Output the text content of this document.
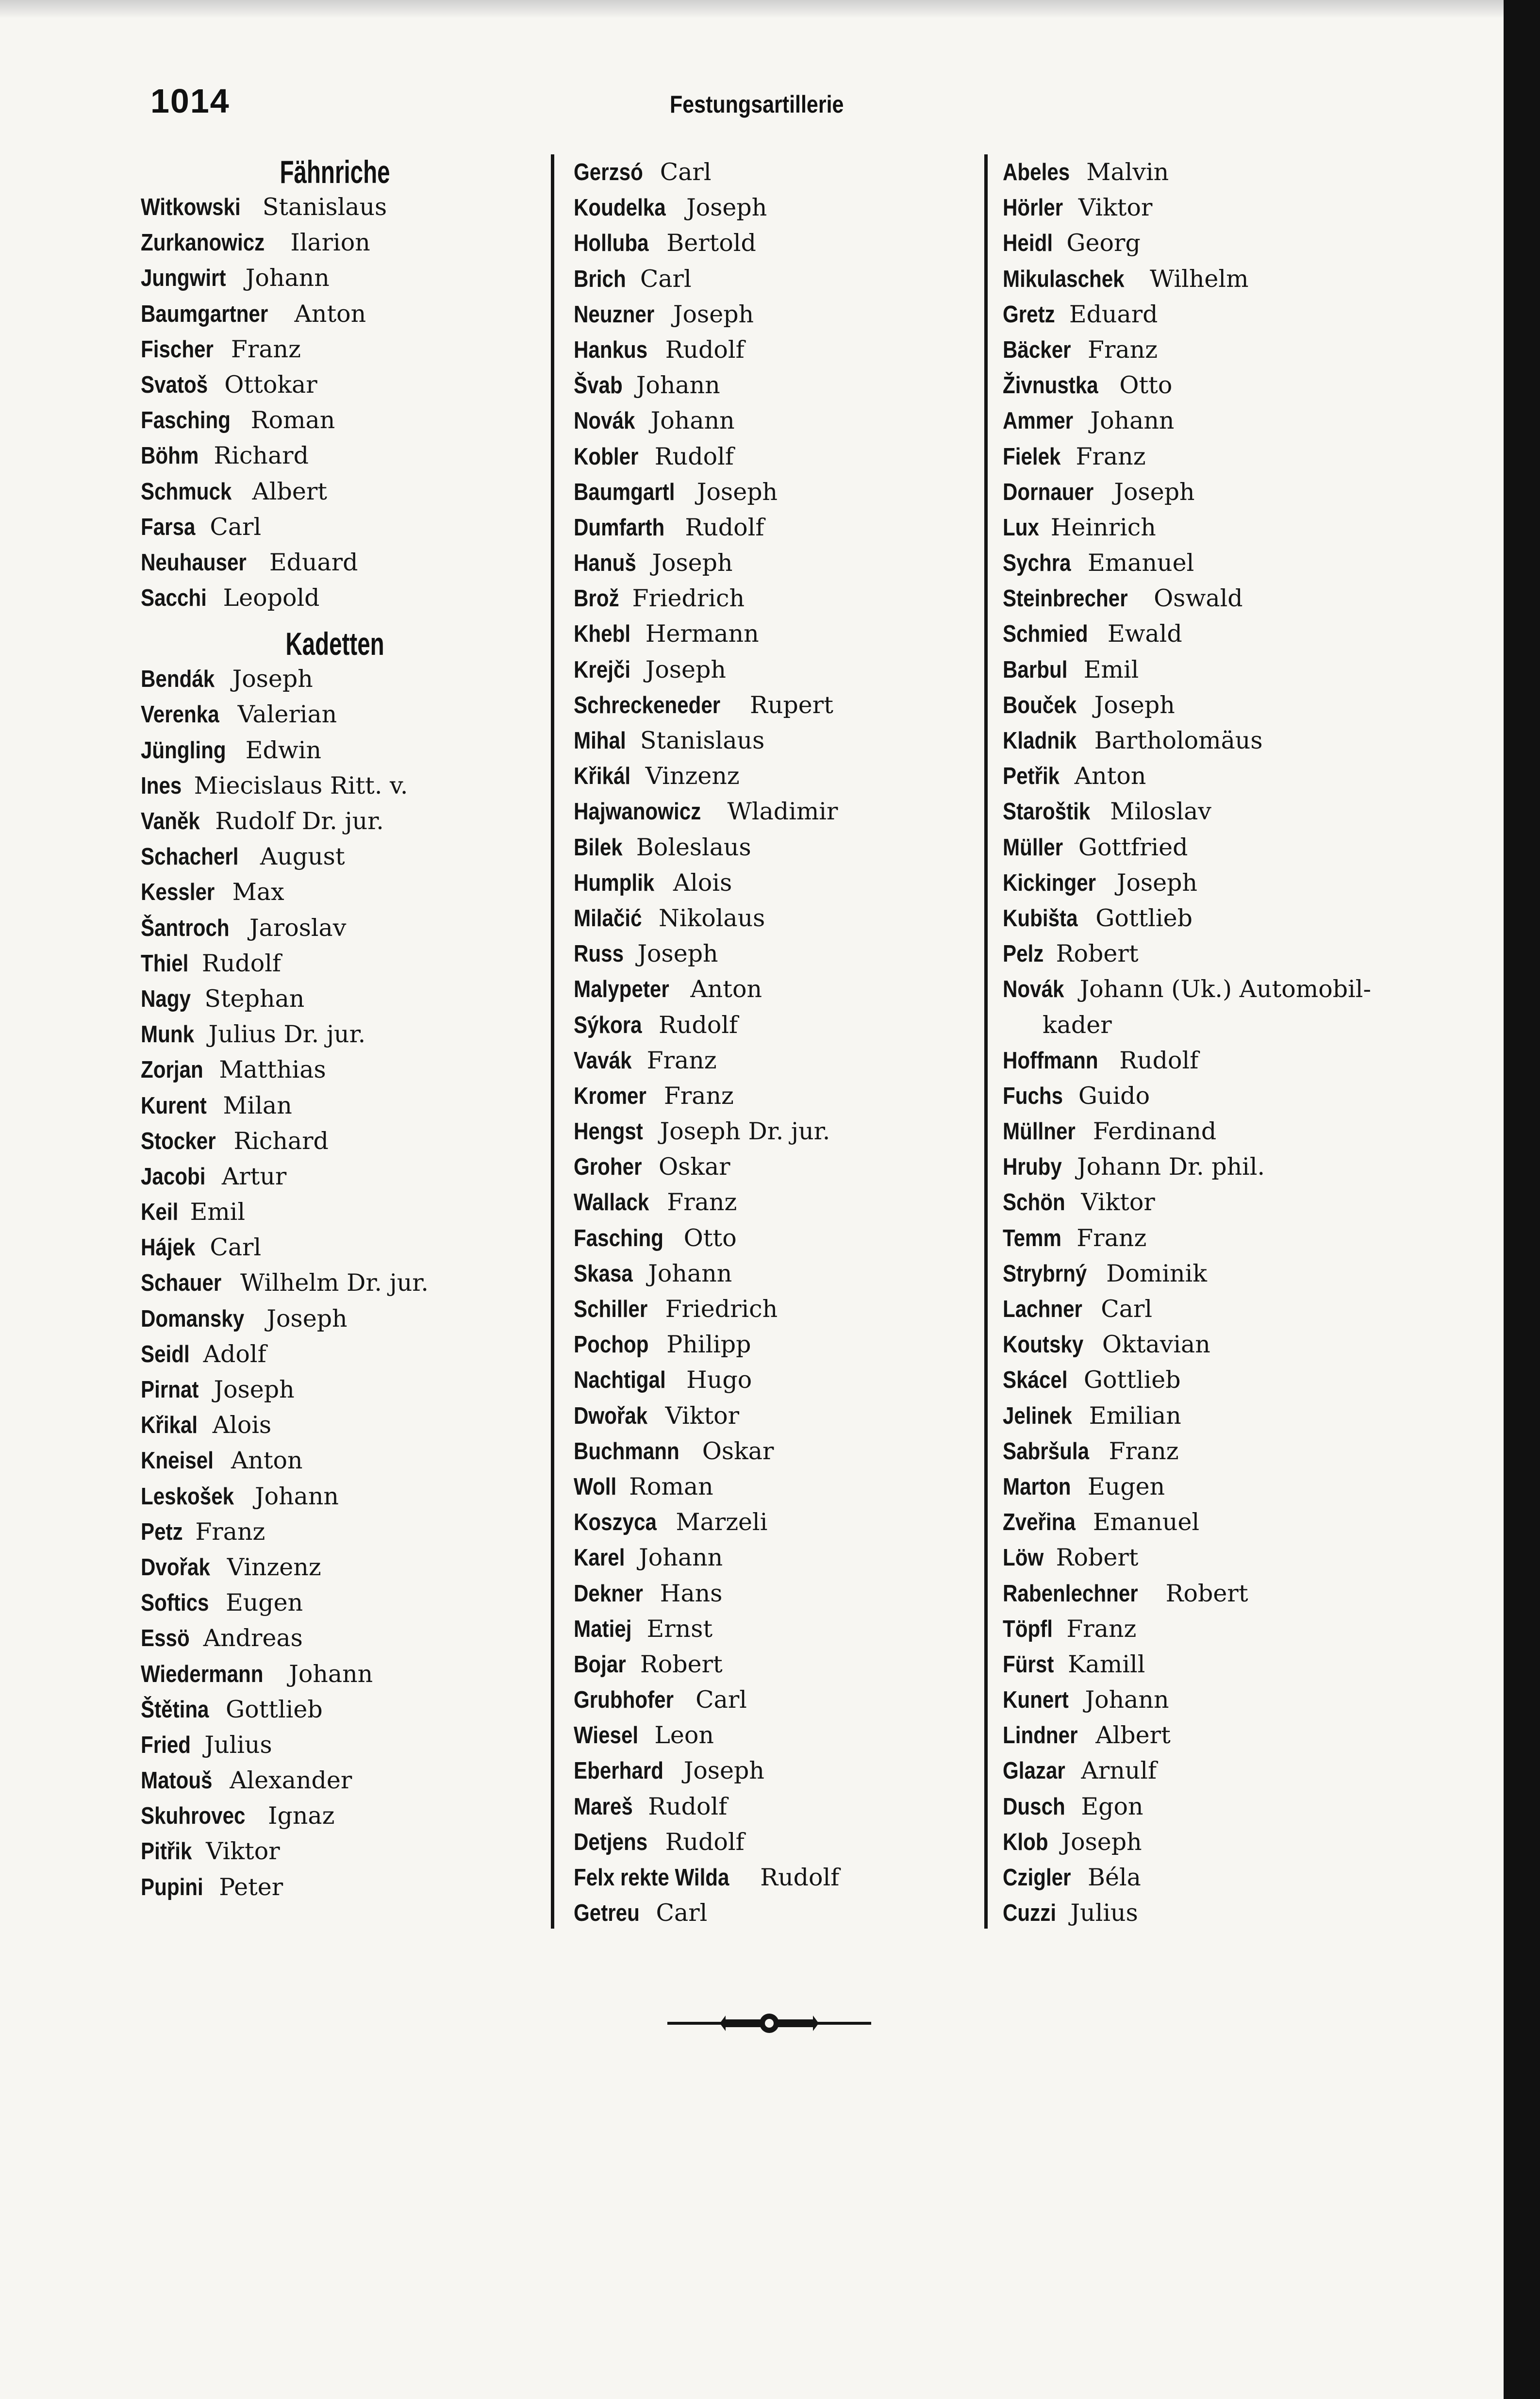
1014	Festungsartillerie
Fähnriche
Witkowski Stanislaus
Zurkanowicz Ilarion
Jungwirt Johann
Baumgartner Anton
Fischer Franz
Svatoš Ottokar
Fasching Roman
Böhm Richard
Schmuck Albert
Farsa Carl
Neuhauser Eduard
Sacchi Leopold
Kadetten
Bendák Joseph
Verenka Valerian
Jüngling Edwin
Ines Miecislaus Ritt. v.
Vaněk Rudolf Dr. jur.
Schacherl August
Kessler Max
Šantroch Jaroslav
Thiel Rudolf
Nagy Stephan
Munk Julius Dr. jur.
Zorjan Matthias
Kurent Milan
Stocker Richard
Jacobi Artur
Keil Emil
Hájek Carl
Schauer Wilhelm Dr. jur.
Domansky Joseph
Seidl Adolf
Pirnat Joseph
Křikal Alois
Kneisel Anton
Leskošek Johann
Petz Franz
Dvořak Vinzenz
Softics Eugen
Essö Andreas
Wiedermann Johann
Štětina Gottlieb
Fried Julius
Matouš Alexander
Skuhrovec Ignaz
Pitřik Viktor
Pupini Peter
Gerzsó Carl
Koudelka Joseph
Holluba Bertold
Brich Carl
Neuzner Joseph
Hankus Rudolf
Švab Johann
Novák Johann
Kobler Rudolf
Baumgartl Joseph
Dumfarth Rudolf
Hanuš Joseph
Brož Friedrich
Khebl Hermann
Krejči Joseph
Schreckeneder Rupert
Mihal Stanislaus
Křikál Vinzenz
Hajwanowicz Wladimir
Bilek Boleslaus
Humplik Alois
Milačić Nikolaus
Russ Joseph
Malypeter Anton
Sýkora Rudolf
Vavák Franz
Kromer Franz
Hengst Joseph Dr. jur.
Groher Oskar
Wallack Franz
Fasching Otto
Skasa Johann
Schiller Friedrich
Pochop Philipp
Nachtigal Hugo
Dwořak Viktor
Buchmann Oskar
Woll Roman
Koszyca Marzeli
Karel Johann
Dekner Hans
Matiej Ernst
Bojar Robert
Grubhofer Carl
Wiesel Leon
Eberhard Joseph
Mareš Rudolf
Detjens Rudolf
Felx rekte Wilda Rudolf
Getreu Carl
Abeles Malvin
Hörler Viktor
Heidl Georg
Mikulaschek Wilhelm
Gretz Eduard
Bäcker Franz
Živnustka Otto
Ammer Johann
Fielek Franz
Dornauer Joseph
Lux Heinrich
Sychra Emanuel
Steinbrecher Oswald
Schmied Ewald
Barbul Emil
Bouček Joseph
Kladnik Bartholomäus
Petřik Anton
Staroštik Miloslav
Müller Gottfried
Kickinger Joseph
Kubišta Gottlieb
Pelz Robert
Novák Johann (Uk.) Automobil-
kader
Hoffmann Rudolf
Fuchs Guido
Müllner Ferdinand
Hruby Johann Dr. phil.
Schön Viktor
Temm Franz
Strybrný Dominik
Lachner Carl
Koutsky Oktavian
Skácel Gottlieb
Jelinek Emilian
Sabršula Franz
Marton Eugen
Zveřina Emanuel
Löw Robert
Rabenlechner Robert
Töpfl Franz
Fürst Kamill
Kunert Johann
Lindner Albert
Glazar Arnulf
Dusch Egon
Klob Joseph
Czigler Béla
Cuzzi Julius
